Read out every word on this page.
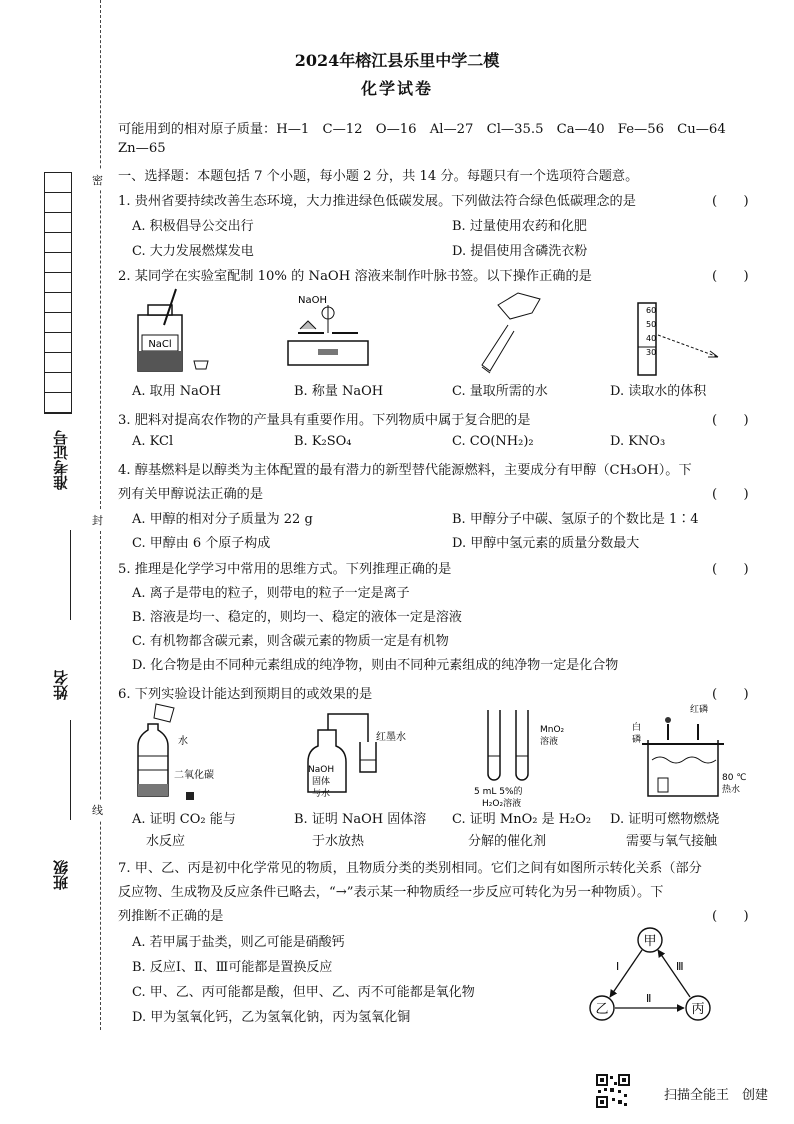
密
封
线
准考证号
姓名
班级
2024年榕江县乐里中学二模
化学试卷
可能用到的相对原子质量：H—1　C—12　O—16　Al—27　Cl—35.5　Ca—40　Fe—56　Cu—64
Zn—65
一、选择题：本题包括 7 个小题，每小题 2 分，共 14 分。每题只有一个选项符合题意。
1. 贵州省要持续改善生态环境，大力推进绿色低碳发展。下列做法符合绿色低碳理念的是	(　　)
A. 积极倡导公交出行	B. 过量使用农药和化肥
C. 大力发展燃煤发电	D. 提倡使用含磷洗衣粉
2. 某同学在实验室配制 10% 的 NaOH 溶液来制作叶脉书签。以下操作正确的是	(　　)
NaCl
NaOH
60
50
40
30
A. 取用 NaOH	B. 称量 NaOH	C. 量取所需的水	D. 读取水的体积
3. 肥料对提高农作物的产量具有重要作用。下列物质中属于复合肥的是	(　　)
A. KCl	B. K₂SO₄	C. CO(NH₂)₂	D. KNO₃
4. 醇基燃料是以醇类为主体配置的最有潜力的新型替代能源燃料，主要成分有甲醇（CH₃OH）。下
列有关甲醇说法正确的是	(　　)
A. 甲醇的相对分子质量为 22 g	B. 甲醇分子中碳、氢原子的个数比是 1∶4
C. 甲醇由 6 个原子构成	D. 甲醇中氢元素的质量分数最大
5. 推理是化学学习中常用的思维方式。下列推理正确的是	(　　)
A. 离子是带电的粒子，则带电的粒子一定是离子
B. 溶液是均一、稳定的，则均一、稳定的液体一定是溶液
C. 有机物都含碳元素，则含碳元素的物质一定是有机物
D. 化合物是由不同种元素组成的纯净物，则由不同种元素组成的纯净物一定是化合物
6. 下列实验设计能达到预期目的或效果的是	(　　)
水
二氧化碳
红墨水
NaOH
固体
与水
MnO₂
溶液
5 mL 5%的
H₂O₂溶液
白
磷
红磷
80 ℃
热水
A. 证明 CO₂ 能与
水反应
B. 证明 NaOH 固体溶
于水放热
C. 证明 MnO₂ 是 H₂O₂
分解的催化剂
D. 证明可燃物燃烧
需要与氧气接触
7. 甲、乙、丙是初中化学常见的物质，且物质分类的类别相同。它们之间有如图所示转化关系（部分
反应物、生成物及反应条件已略去，“→”表示某一种物质经一步反应可转化为另一种物质）。下
列推断不正确的是	(　　)
A. 若甲属于盐类，则乙可能是硝酸钙
B. 反应Ⅰ、Ⅱ、Ⅲ可能都是置换反应
C. 甲、乙、丙可能都是酸，但甲、乙、丙不可能都是氧化物
D. 甲为氢氧化钙，乙为氢氧化钠，丙为氢氧化铜
甲
乙	丙
Ⅰ
Ⅱ
Ⅲ
扫描全能王　创建
